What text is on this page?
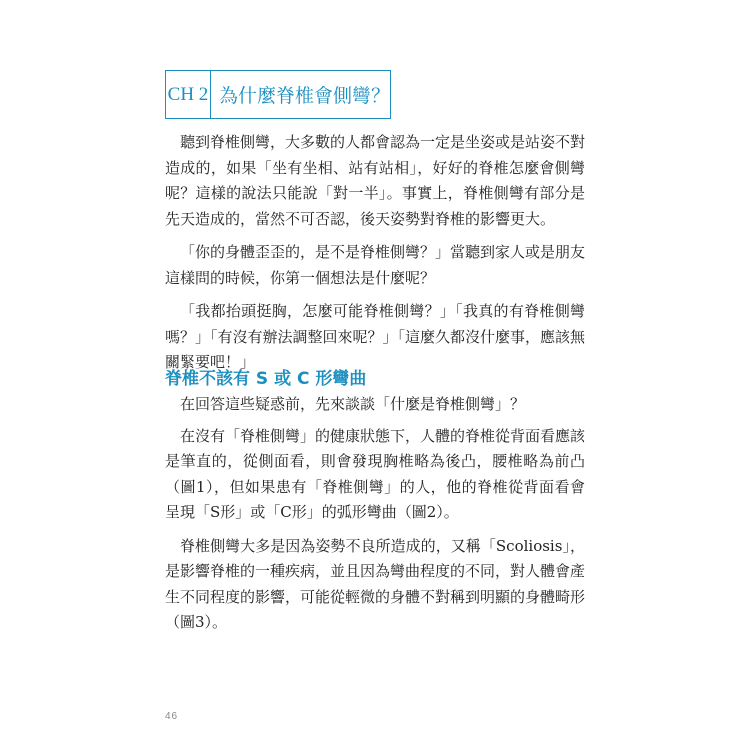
CH 2 為什麼脊椎會側彎？

聽到脊椎側彎，大多數的人都會認為一定是坐姿或是站姿不對造成的，如果「坐有坐相、站有站相」，好好的脊椎怎麼會側彎呢？這樣的說法只能說「對一半」。事實上，脊椎側彎有部分是先天造成的，當然不可否認，後天姿勢對脊椎的影響更大。

「你的身體歪歪的，是不是脊椎側彎？」當聽到家人或是朋友這樣問的時候，你第一個想法是什麼呢？

「我都抬頭挺胸，怎麼可能脊椎側彎？」「我真的有脊椎側彎嗎？」「有沒有辦法調整回來呢？」「這麼久都沒什麼事，應該無關緊要吧！」

脊椎不該有 S 或 C 形彎曲

在回答這些疑惑前，先來談談「什麼是脊椎側彎」？

在沒有「脊椎側彎」的健康狀態下，人體的脊椎從背面看應該是筆直的，從側面看，則會發現胸椎略為後凸，腰椎略為前凸（圖1），但如果患有「脊椎側彎」的人，他的脊椎從背面看會呈現「S形」或「C形」的弧形彎曲（圖2）。

脊椎側彎大多是因為姿勢不良所造成的，又稱「Scoliosis」，是影響脊椎的一種疾病，並且因為彎曲程度的不同，對人體會產生不同程度的影響，可能從輕微的身體不對稱到明顯的身體畸形（圖3）。

46
